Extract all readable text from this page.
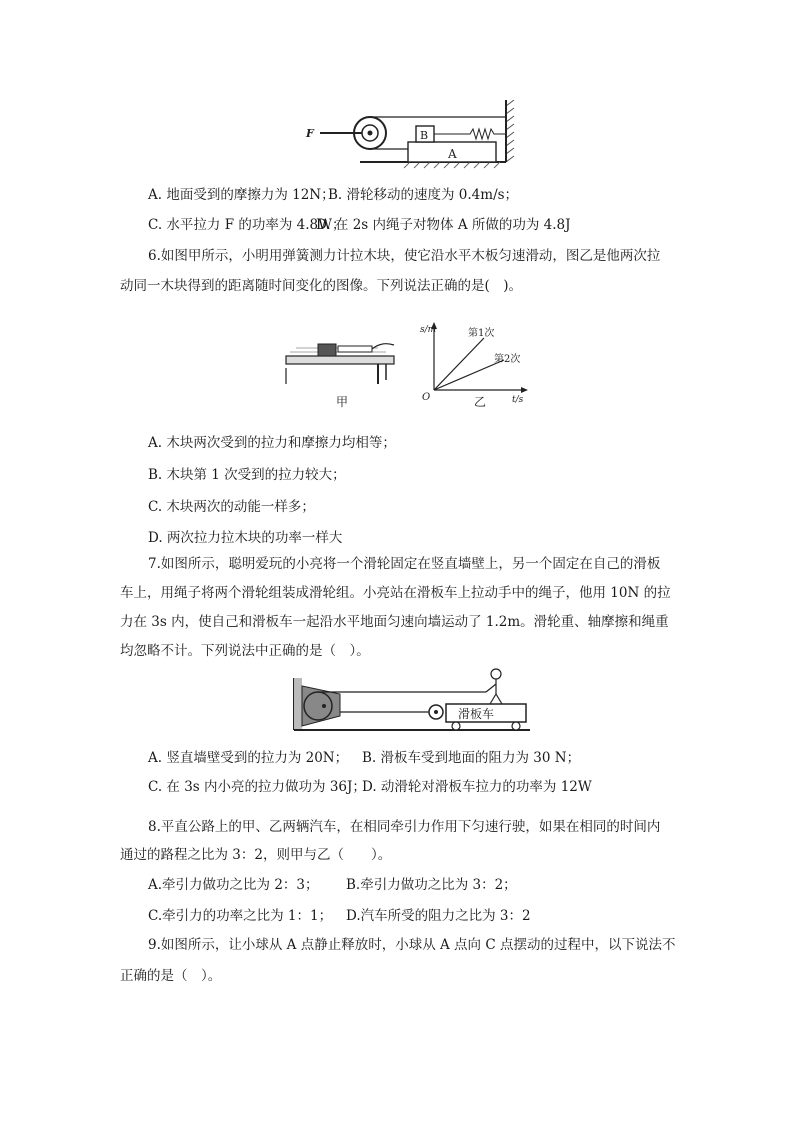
A
B
F
A. 地面受到的摩擦力为 12N；
B. 滑轮移动的速度为 0.4m/s；
C. 水平拉力 F 的功率为 4.8W；
D. 在 2s 内绳子对物体 A 所做的功为 4.8J
6.如图甲所示，小明用弹簧测力计拉木块，使它沿水平木板匀速滑动，图乙是他两次拉
动同一木块得到的距离随时间变化的图像。下列说法正确的是(　)。
甲
s/m
t/s
O
第1次
第2次
乙
A. 木块两次受到的拉力和摩擦力均相等；
B. 木块第 1 次受到的拉力较大；
C. 木块两次的动能一样多；
D. 两次拉力拉木块的功率一样大
7.如图所示，聪明爱玩的小亮将一个滑轮固定在竖直墙壁上，另一个固定在自己的滑板
车上，用绳子将两个滑轮组装成滑轮组。小亮站在滑板车上拉动手中的绳子，他用 10N 的拉
力在 3s 内，使自己和滑板车一起沿水平地面匀速向墙运动了 1.2m。滑轮重、轴摩擦和绳重
均忽略不计。下列说法中正确的是（　）。
滑板车
A. 竖直墙壁受到的拉力为 20N； B. 滑板车受到地面的阻力为 30 N；
C. 在 3s 内小亮的拉力做功为 36J；
D. 动滑轮对滑板车拉力的功率为 12W
8.平直公路上的甲、乙两辆汽车，在相同牵引力作用下匀速行驶，如果在相同的时间内
通过的路程之比为 3：2，则甲与乙（　　）。
A.牵引力做功之比为 2：3； B.牵引力做功之比为 3：2；
C.牵引力的功率之比为 1：1； D.汽车所受的阻力之比为 3：2
9.如图所示，让小球从 A 点静止释放时，小球从 A 点向 C 点摆动的过程中，以下说法不
正确的是（　）。
